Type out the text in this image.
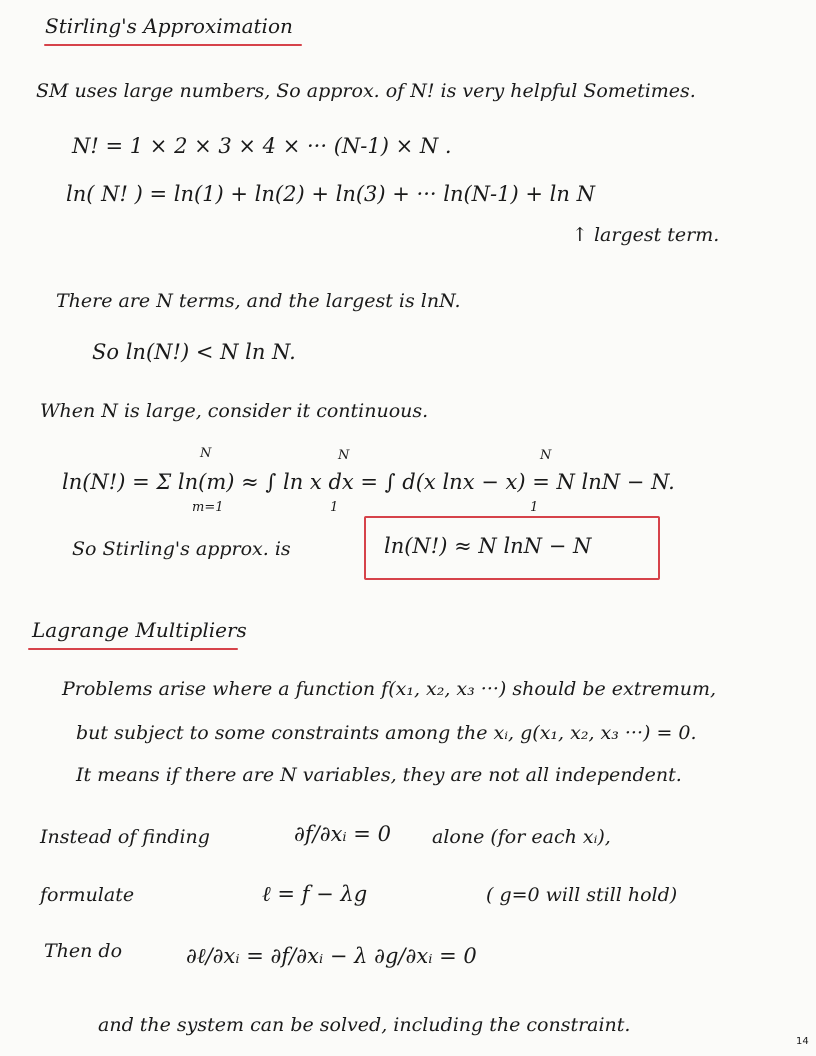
Stirling's Approximation
SM uses large numbers, So approx. of N! is very helpful Sometimes.
N! = 1 × 2 × 3 × 4 × ··· (N-1) × N .
ln( N! ) = ln(1) + ln(2) + ln(3) + ··· ln(N-1) + ln N
↑ largest term.
There are N terms, and the largest is lnN.
So ln(N!) < N ln N.
When N is large, consider it continuous.
ln(N!) = Σ ln(m) ≈ ∫ ln x dx = ∫ d(x lnx − x) = N lnN − N.
N
m=1
N
1
N
1
So Stirling's approx. is	ln(N!) ≈ N lnN − N
Lagrange Multipliers
Problems arise where a function f(x₁, x₂, x₃ ···) should be extremum,
but subject to some constraints among the xᵢ, g(x₁, x₂, x₃ ···) = 0.
It means if there are N variables, they are not all independent.
Instead of finding	∂f/∂xᵢ = 0 alone (for each xᵢ),
formulate	ℓ = f − λg	( g=0 will still hold)
Then do	∂ℓ/∂xᵢ = ∂f/∂xᵢ − λ ∂g/∂xᵢ = 0
and the system can be solved, including the constraint.
14
